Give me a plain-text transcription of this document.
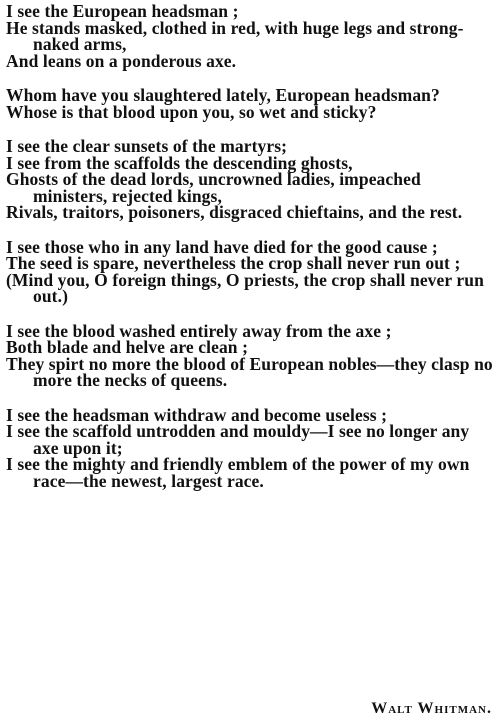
I see the European headsman ;
He stands masked, clothed in red, with huge legs and strong-naked arms,
And leans on a ponderous axe.
Whom have you slaughtered lately, European headsman?
Whose is that blood upon you, so wet and sticky?
I see the clear sunsets of the martyrs;
I see from the scaffolds the descending ghosts,
Ghosts of the dead lords, uncrowned ladies, impeached ministers, rejected kings,
Rivals, traitors, poisoners, disgraced chieftains, and the rest.
I see those who in any land have died for the good cause ;
The seed is spare, nevertheless the crop shall never run out ;
(Mind you, O foreign things, O priests, the crop shall never run out.)
I see the blood washed entirely away from the axe ;
Both blade and helve are clean ;
They spirt no more the blood of European nobles—they clasp no more the necks of queens.
I see the headsman withdraw and become useless ;
I see the scaffold untrodden and mouldy—I see no longer any axe upon it;
I see the mighty and friendly emblem of the power of my own race—the newest, largest race.
Walt Whitman.
